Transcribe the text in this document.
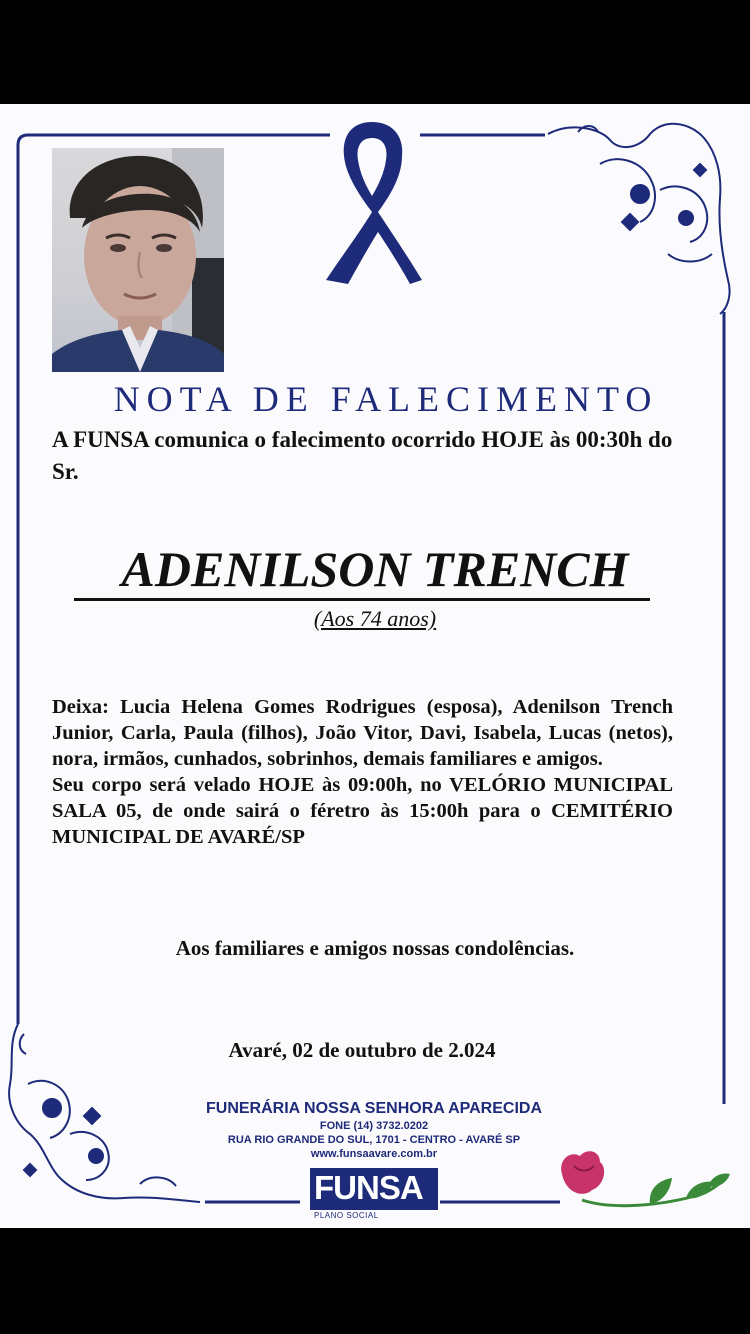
NOTA DE FALECIMENTO
A FUNSA comunica o falecimento ocorrido HOJE às 00:30h do Sr.
ADENILSON TRENCH
(Aos 74 anos)

Deixa: Lucia Helena Gomes Rodrigues (esposa), Adenilson Trench Junior, Carla, Paula (filhos), João Vitor, Davi, Isabela, Lucas (netos), nora, irmãos, cunhados, sobrinhos, demais familiares e amigos.

Seu corpo será velado HOJE às 09:00h, no VELÓRIO MUNICIPAL SALA 05, de onde sairá o féretro às 15:00h para o CEMITÉRIO MUNICIPAL DE AVARÉ/SP

Aos familiares e amigos nossas condolências.
Avaré, 02 de outubro de 2.024
FUNERÁRIA NOSSA SENHORA APARECIDA
FONE (14) 3732.0202
RUA RIO GRANDE DO SUL, 1701 - CENTRO - AVARÉ SP
www.funsaavare.com.br
FUNSA
PLANO SOCIAL
